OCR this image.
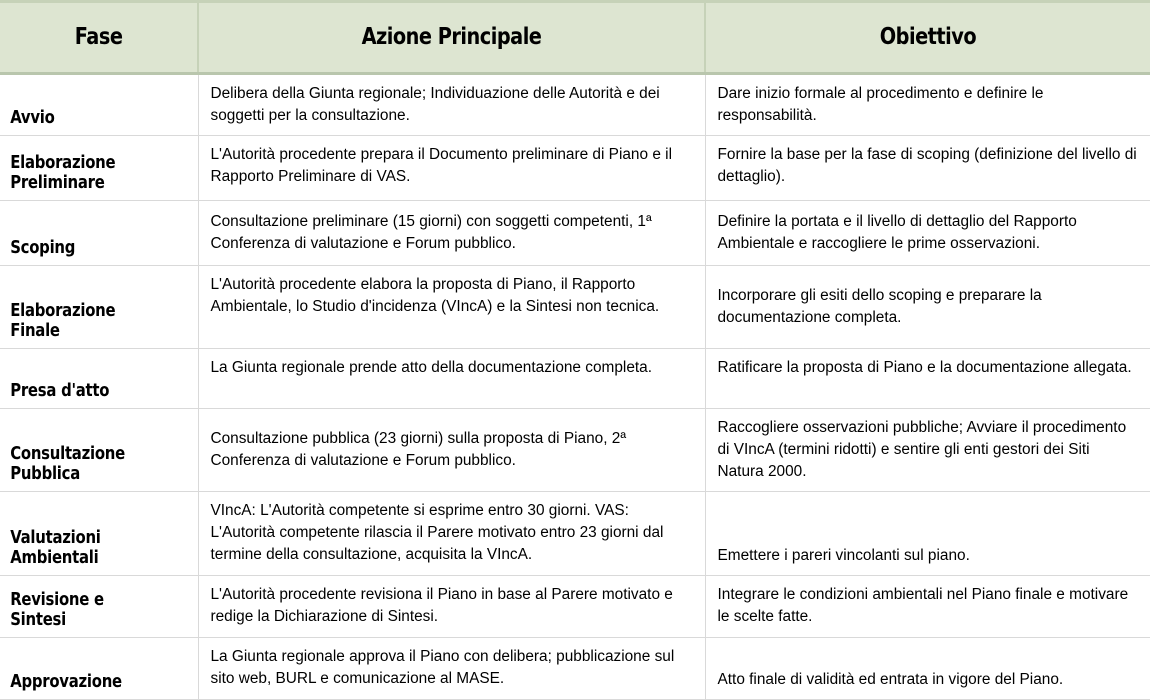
Fase	Azione Principale	Obiettivo

Avvio	Delibera della Giunta regionale; Individuazione delle Autorità e dei soggetti per la consultazione.	Dare inizio formale al procedimento e definire le responsabilità.

Elaborazione Preliminare	L'Autorità procedente prepara il Documento preliminare di Piano e il Rapporto Preliminare di VAS.	Fornire la base per la fase di scoping (definizione del livello di dettaglio).

Scoping	Consultazione preliminare (15 giorni) con soggetti competenti, 1ª Conferenza di valutazione e Forum pubblico.	Definire la portata e il livello di dettaglio del Rapporto Ambientale e raccogliere le prime osservazioni.

Elaborazione Finale	L'Autorità procedente elabora la proposta di Piano, il Rapporto Ambientale, lo Studio d'incidenza (VIncA) e la Sintesi non tecnica.	Incorporare gli esiti dello scoping e preparare la documentazione completa.

Presa d'atto	La Giunta regionale prende atto della documentazione completa.	Ratificare la proposta di Piano e la documentazione allegata.

Consultazione Pubblica	Consultazione pubblica (23 giorni) sulla proposta di Piano, 2ª Conferenza di valutazione e Forum pubblico.	Raccogliere osservazioni pubbliche; Avviare il procedimento di VIncA (termini ridotti) e sentire gli enti gestori dei Siti Natura 2000.

Valutazioni Ambientali	VIncA: L'Autorità competente si esprime entro 30 giorni. VAS: L'Autorità competente rilascia il Parere motivato entro 23 giorni dal termine della consultazione, acquisita la VIncA.	Emettere i pareri vincolanti sul piano.

Revisione e Sintesi	L'Autorità procedente revisiona il Piano in base al Parere motivato e redige la Dichiarazione di Sintesi.	Integrare le condizioni ambientali nel Piano finale e motivare le scelte fatte.

Approvazione	La Giunta regionale approva il Piano con delibera; pubblicazione sul sito web, BURL e comunicazione al MASE.	Atto finale di validità ed entrata in vigore del Piano.
